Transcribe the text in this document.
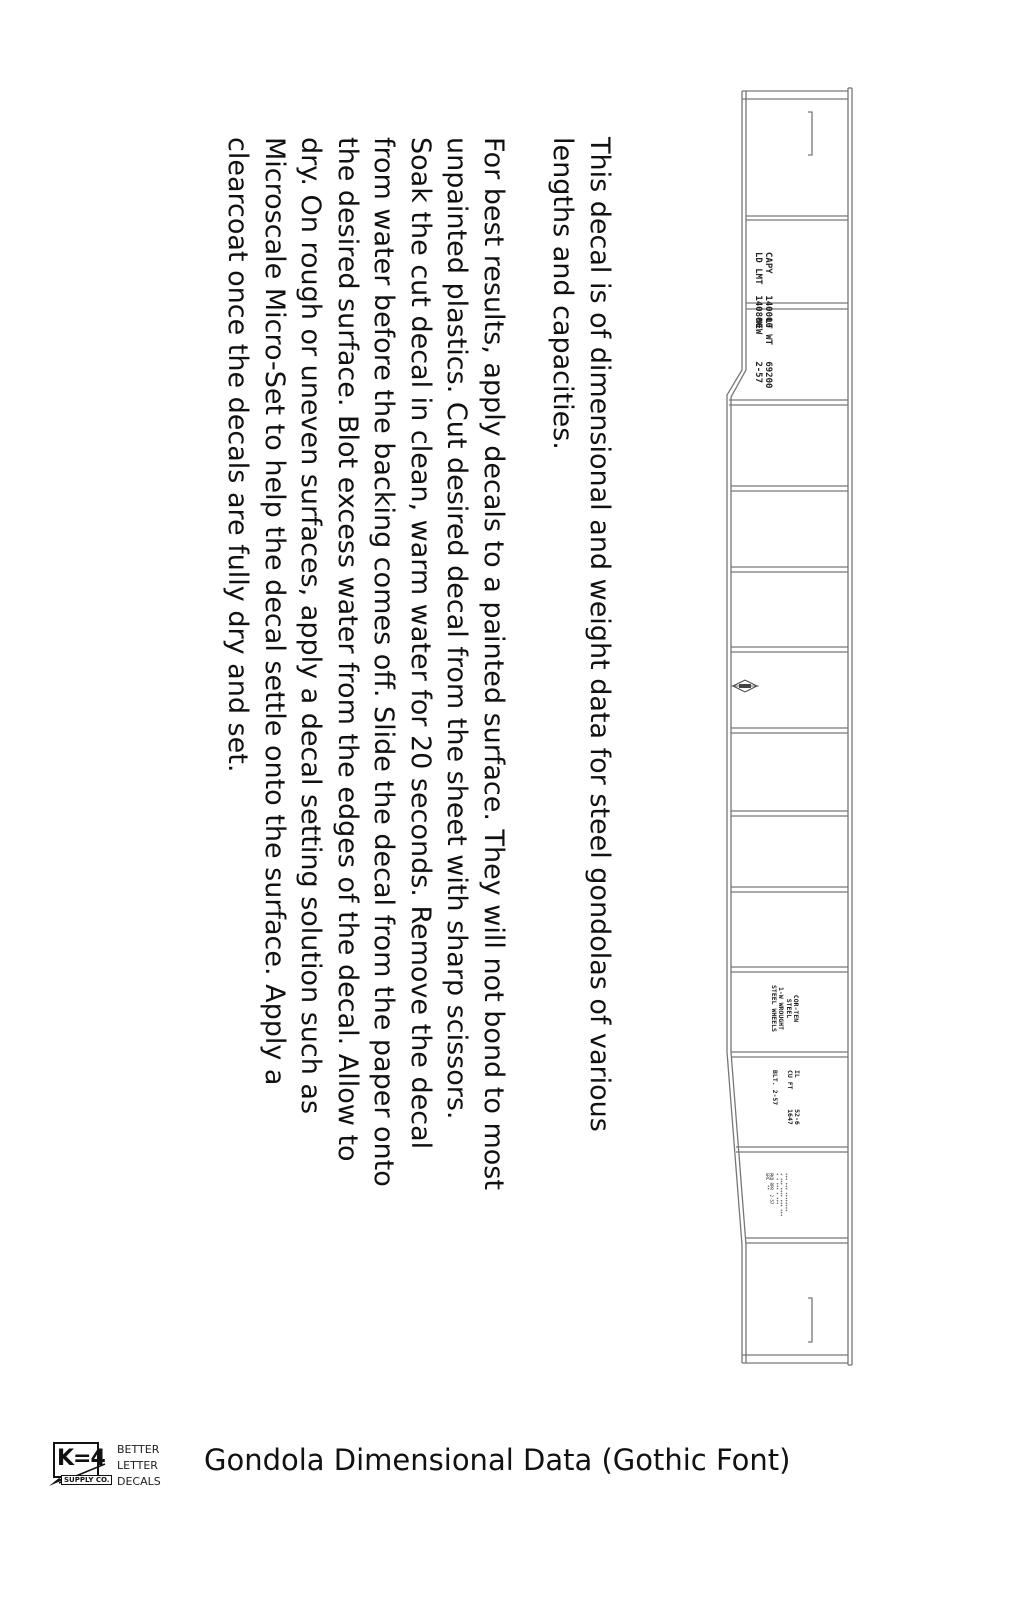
This decal is of dimensional and weight data for steel gondolas of various
lengths and capacities.
For best results, apply decals to a painted surface. They will not bond to most
unpainted plastics. Cut desired decal from the sheet with sharp scissors.
Soak the cut decal in clean, warm water for 20 seconds. Remove the decal
from water before the backing comes off. Slide the decal from the paper onto
the desired surface. Blot excess water from the edges of the decal. Allow to
dry. On rough or uneven surfaces, apply a decal setting solution such as
Microscale Micro-Set to help the decal settle onto the surface. Apply a
clearcoat once the decals are fully dry and set.	CAPY    140000
LD LMT  140800 LT WT   69200
NEW     2-57
COR-TEN
STEEL
1-W WROUGHT
STEEL WHEELS
IL        52-6
CU FT     1647

BLT. 2-57
*** *** ********
* *** **** *** ***
* * *** * ***
PKD RPR  2-57
GRC  **
K=4
SUPPLY CO.
BETTER
LETTER
DECALS
Gondola Dimensional Data (Gothic Font)
